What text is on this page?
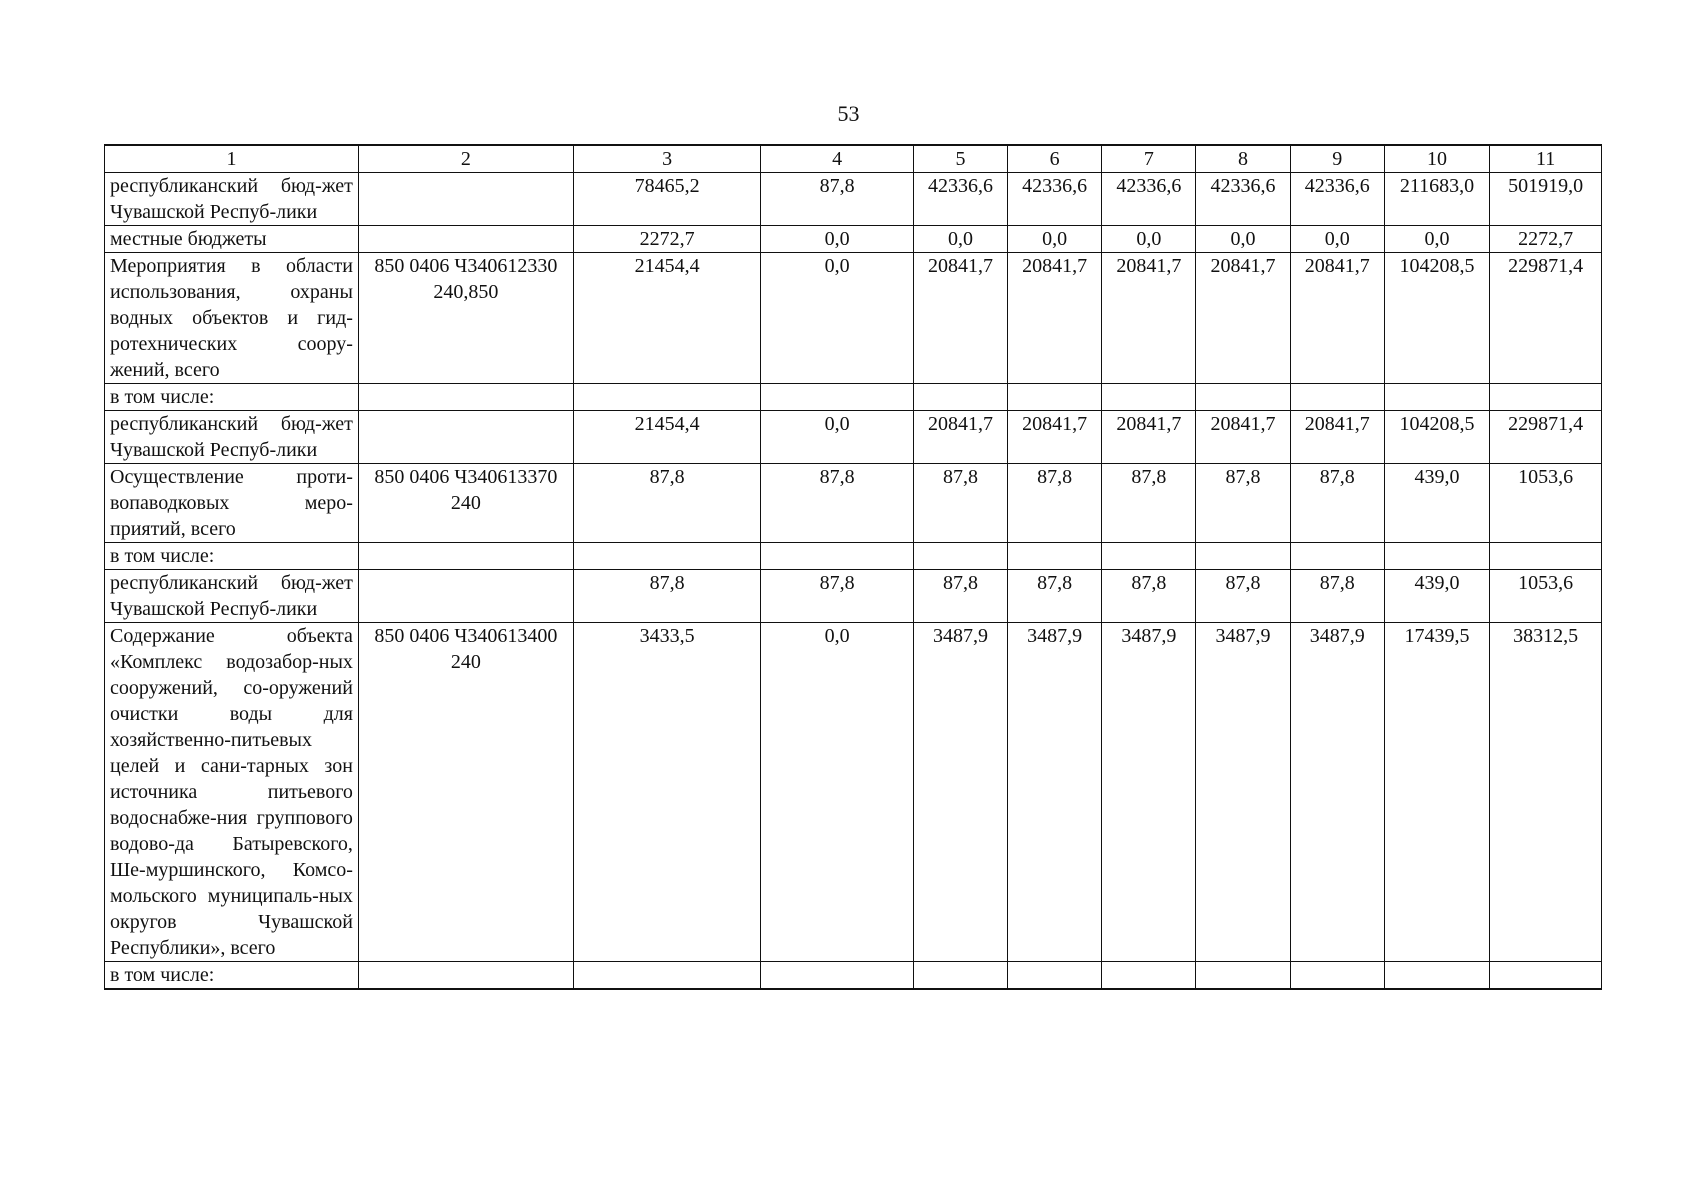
53
1	2	3	4	5	6	7	8	9	10	11
республиканский бюд-жет Чувашской Респуб-лики		78465,2	87,8	42336,6	42336,6	42336,6	42336,6	42336,6	211683,0	501919,0
местные бюджеты		2272,7	0,0	0,0	0,0	0,0	0,0	0,0	0,0	2272,7
Мероприятия в области использования, охраны водных объектов и гид-ротехнических соору-жений, всего	850 0406 Ч340612330 240,850	21454,4	0,0	20841,7	20841,7	20841,7	20841,7	20841,7	104208,5	229871,4
в том числе:										
республиканский бюд-жет Чувашской Респуб-лики		21454,4	0,0	20841,7	20841,7	20841,7	20841,7	20841,7	104208,5	229871,4
Осуществление проти-вопаводковых меро-приятий, всего	850 0406 Ч340613370 240	87,8	87,8	87,8	87,8	87,8	87,8	87,8	439,0	1053,6
в том числе:										
республиканский бюд-жет Чувашской Респуб-лики		87,8	87,8	87,8	87,8	87,8	87,8	87,8	439,0	1053,6
Содержание объекта «Комплекс водозабор-ных сооружений, со-оружений очистки воды для хозяйственно-питьевых целей и сани-тарных зон источника питьевого водоснабже-ния группового водово-да Батыревского, Ше-муршинского, Комсо-мольского муниципаль-ных округов Чувашской Республики», всего	850 0406 Ч340613400 240	3433,5	0,0	3487,9	3487,9	3487,9	3487,9	3487,9	17439,5	38312,5
в том числе:										
